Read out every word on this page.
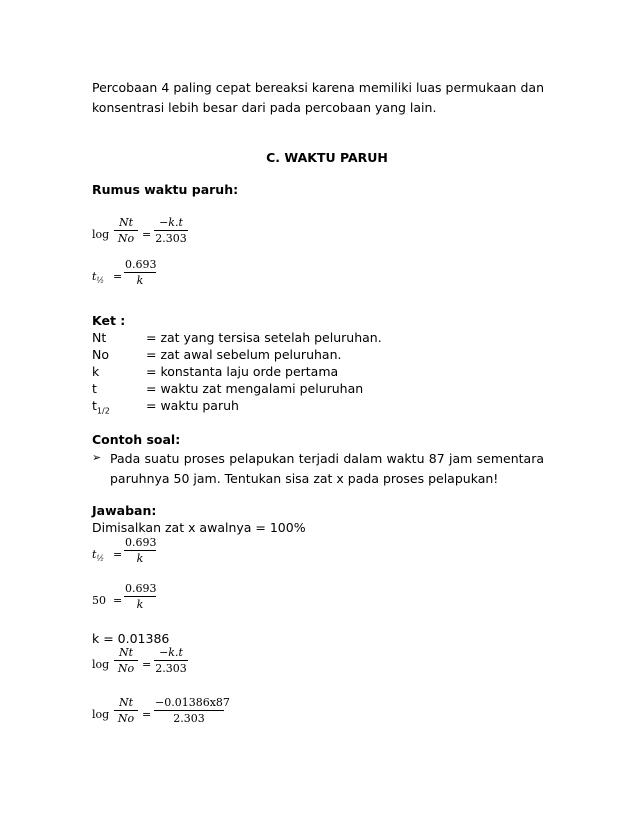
Percobaan 4 paling cepat bereaksi karena memiliki luas permukaan dan
konsentrasi lebih besar dari pada percobaan yang lain.
C. WAKTU PARUH
Rumus waktu paruh:
log
Nt
No =
−k.t
2.303
$t_{\frac{1}{2}}$ =
0.693
k
Ket :
Nt	= zat yang tersisa setelah peluruhan.
No	= zat awal sebelum peluruhan.
k	= konstanta laju orde pertama
t	= waktu zat mengalami peluruhan
$t_{1/2}$	= waktu paruh
Contoh soal:
➢ Pada suatu proses pelapukan terjadi dalam waktu 87 jam sementara
paruhnya 50 jam. Tentukan sisa zat x pada proses pelapukan!
Jawaban:
Dimisalkan zat x awalnya = 100%
$t_{\frac{1}{2}}$ =
0.693
k
50 =
0.693
k
k = 0.01386
log
Nt
No =
−k.t
2.303
log
Nt
No =
−0.01386x87
2.303
